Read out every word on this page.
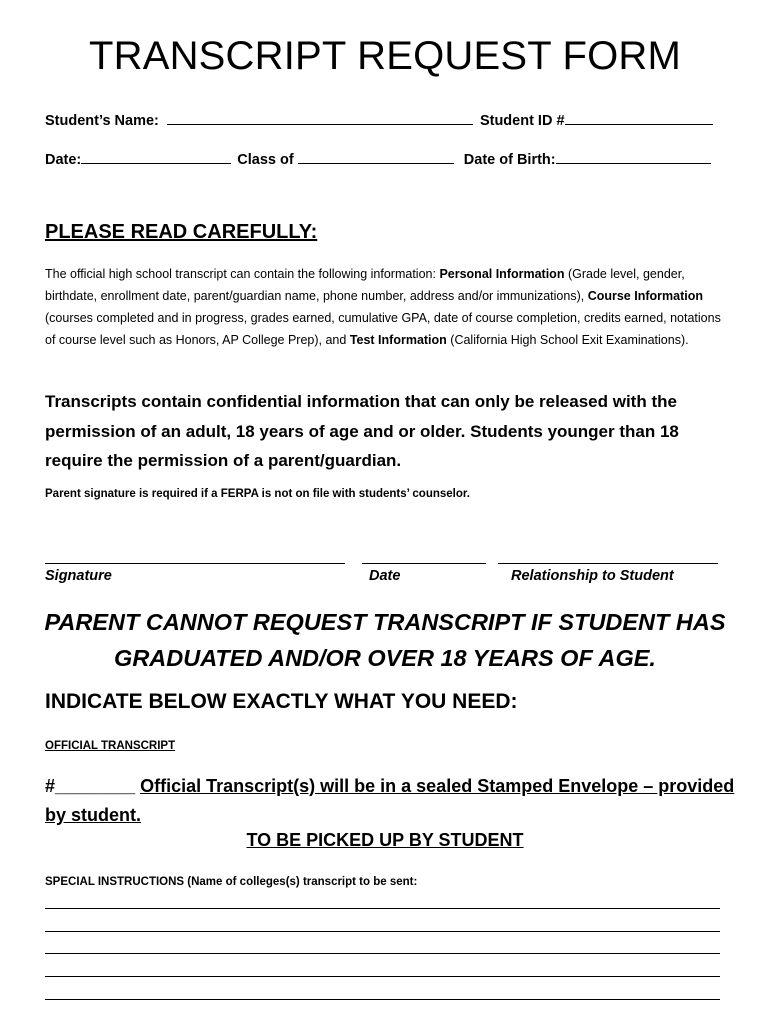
TRANSCRIPT REQUEST FORM
Student’s Name:	Student ID #
Date:	Class of	Date of Birth:
PLEASE READ CAREFULLY:
The official high school transcript can contain the following information: Personal Information (Grade level, gender, birthdate, enrollment date, parent/guardian name, phone number, address and/or immunizations), Course Information (courses completed and in progress, grades earned, cumulative GPA, date of course completion, credits earned, notations of course level such as Honors, AP College Prep), and Test Information (California High School Exit Examinations).
Transcripts contain confidential information that can only be released with the permission of an adult, 18 years of age and or older. Students younger than 18 require the permission of a parent/guardian.
Parent signature is required if a FERPA is not on file with students’ counselor.
Signature	Date	Relationship to Student
PARENT CANNOT REQUEST TRANSCRIPT IF STUDENT HAS GRADUATED AND/OR OVER 18 YEARS OF AGE.
INDICATE BELOW EXACTLY WHAT YOU NEED:
OFFICIAL TRANSCRIPT
#________ Official Transcript(s) will be in a sealed Stamped Envelope – provided by student.
TO BE PICKED UP BY STUDENT
SPECIAL INSTRUCTIONS (Name of colleges(s) transcript to be sent:
